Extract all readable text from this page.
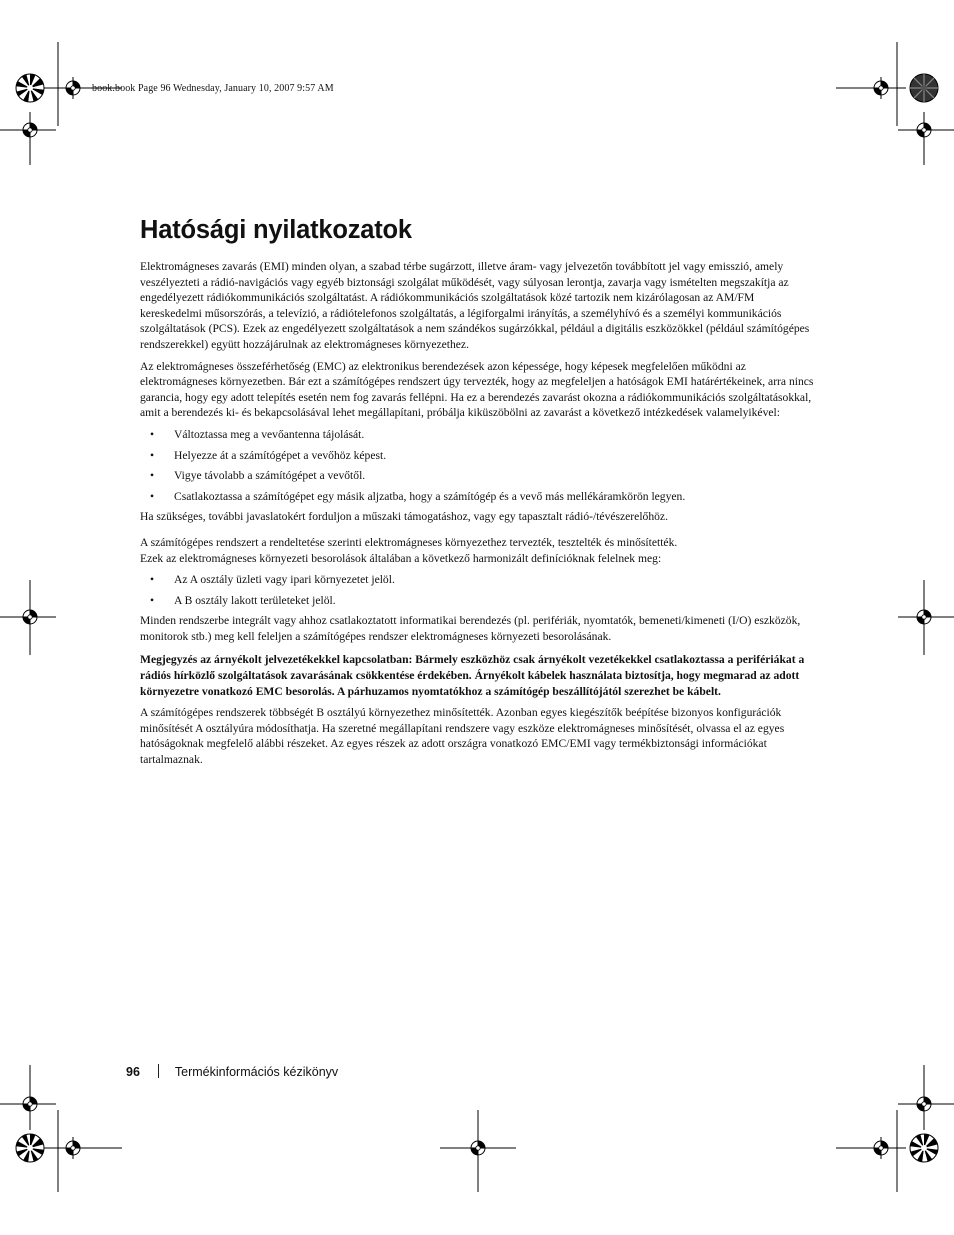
book.book Page 96 Wednesday, January 10, 2007 9:57 AM
Hatósági nyilatkozatok

Elektromágneses zavarás (EMI) minden olyan, a szabad térbe sugárzott, illetve áram- vagy jelvezetőn továbbított jel vagy emisszió, amely veszélyezteti a rádió-navigációs vagy egyéb biztonsági szolgálat működését, vagy súlyosan lerontja, zavarja vagy ismételten megszakítja az engedélyezett rádiókommunikációs szolgáltatást. A rádiókommunikációs szolgáltatások közé tartozik nem kizárólagosan az AM/FM kereskedelmi műsorszórás, a televízió, a rádiótelefonos szolgáltatás, a légiforgalmi irányítás, a személyhívó és a személyi kommunikációs szolgáltatások (PCS). Ezek az engedélyezett szolgáltatások a nem szándékos sugárzókkal, például a digitális eszközökkel (például számítógépes rendszerekkel) együtt hozzájárulnak az elektromágneses környezethez.

Az elektromágneses összeférhetőség (EMC) az elektronikus berendezések azon képessége, hogy képesek megfelelően működni az elektromágneses környezetben. Bár ezt a számítógépes rendszert úgy tervezték, hogy az megfeleljen a hatóságok EMI határértékeinek, arra nincs garancia, hogy egy adott telepítés esetén nem fog zavarás fellépni. Ha ez a berendezés zavarást okozna a rádiókommunikációs szolgáltatásokkal, amit a berendezés ki- és bekapcsolásával lehet megállapítani, próbálja kiküszöbölni az zavarást a következő intézkedések valamelyikével:

• Változtassa meg a vevőantenna tájolását.
• Helyezze át a számítógépet a vevőhöz képest.
• Vigye távolabb a számítógépet a vevőtől.
• Csatlakoztassa a számítógépet egy másik aljzatba, hogy a számítógép és a vevő más mellékáramkörön legyen.

Ha szükséges, további javaslatokért forduljon a műszaki támogatáshoz, vagy egy tapasztalt rádió-/tévészerelőhöz.

A számítógépes rendszert a rendeltetése szerinti elektromágneses környezethez tervezték, tesztelték és minősítették.

Ezek az elektromágneses környezeti besorolások általában a következő harmonizált definícióknak felelnek meg:

• Az A osztály üzleti vagy ipari környezetet jelöl.
• A B osztály lakott területeket jelöl.

Minden rendszerbe integrált vagy ahhoz csatlakoztatott informatikai berendezés (pl. perifériák, nyomtatók, bemeneti/kimeneti (I/O) eszközök, monitorok stb.) meg kell feleljen a számítógépes rendszer elektromágneses környezeti besorolásának.

Megjegyzés az árnyékolt jelvezetékekkel kapcsolatban: Bármely eszközhöz csak árnyékolt vezetékekkel csatlakoztassa a perifériákat a rádiós hírközlő szolgáltatások zavarásának csökkentése érdekében. Árnyékolt kábelek használata biztosítja, hogy megmarad az adott környezetre vonatkozó EMC besorolás. A párhuzamos nyomtatókhoz a számítógép beszállítójától szerezhet be kábelt.

A számítógépes rendszerek többségét B osztályú környezethez minősítették. Azonban egyes kiegészítők beépítése bizonyos konfigurációk minősítését A osztályúra módosíthatja. Ha szeretné megállapítani rendszere vagy eszköze elektromágneses minősítését, olvassa el az egyes hatóságoknak megfelelő alábbi részeket. Az egyes részek az adott országra vonatkozó EMC/EMI vagy termékbiztonsági információkat tartalmaznak.

96	Termékinformációs kézikönyv
